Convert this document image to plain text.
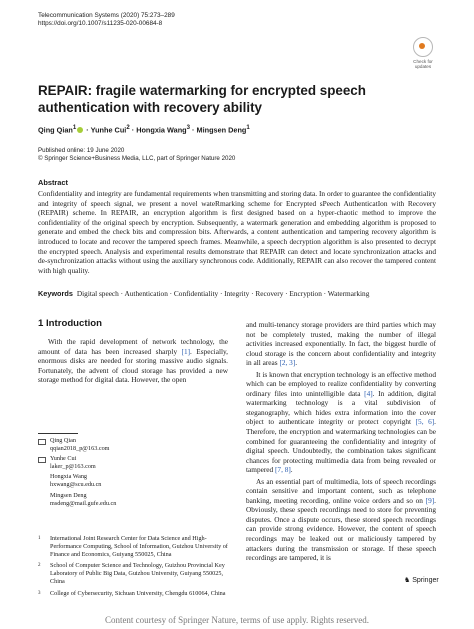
Telecommunication Systems (2020) 75:273–289
https://doi.org/10.1007/s11235-020-00684-8
Check for
updates
REPAIR: fragile watermarking for encrypted speech authentication with recovery ability
Qing Qian$^1$ · Yunhe Cui$^2$ · Hongxia Wang$^3$ · Mingsen Deng$^1$
Published online: 19 June 2020
© Springer Science+Business Media, LLC, part of Springer Nature 2020
Abstract

Confidentiality and integrity are fundamental requirements when transmitting and storing data. In order to guarantee the confidentiality and integrity of speech signal, we present a novel wateRmarking scheme for Encrypted sPeech AuthenticatIon with Recovery (REPAIR) scheme. In REPAIR, an encryption algorithm is first designed based on a hyper-chaotic method to improve the confidentiality of the original speech by encryption. Subsequently, a watermark generation and embedding algorithm is proposed to generate and embed the check bits and compression bits. Afterwards, a content authentication and tampering recovery algorithm is introduced to locate and recover the tampered speech frames. Meanwhile, a speech decryption algorithm is also presented to decrypt the encrypted speech. Analysis and experimental results demonstrate that REPAIR can detect and locate synchronization attacks and de-synchronization attacks without using the auxiliary synchronous code. Additionally, REPAIR can also recover the tampered content with high quality.

Keywords Digital speech · Authentication · Confidentiality · Integrity · Recovery · Encryption · Watermarking
1 Introduction

With the rapid development of network technology, the amount of data has been increased sharply [1]. Especially, enormous disks are needed for storing massive audio signals. Fortunately, the advent of cloud storage has provided a new storage method for digital data. However, the open

Qing Qian
qqian2018_p@163.com
Yunhe Cui
laker_p@163.com
Hongxia Wang
hxwang@scu.edu.cn
Mingsen Deng
msdeng@mail.gufe.edu.cn
1	International Joint Research Center for Data Science and High-Performance Computing, School of Information, Guizhou University of Finance and Economics, Guiyang 550025, China
2	School of Computer Science and Technology, Guizhou Provincial Key Laboratory of Public Big Data, Guizhou University, Guiyang 550025, China
3	College of Cybersecurity, Sichuan University, Chengdu 610064, China

and multi-tenancy storage providers are third parties which may not be completely trusted, making the number of illegal activities increased exponentially. In fact, the biggest hurdle of cloud storage is the concern about confidentiality and integrity in all areas [2, 3].

It is known that encryption technology is an effective method which can be employed to realize confidentiality by converting ordinary files into unintelligible data [4]. In addition, digital watermarking technology is a vital subdivision of steganography, which hides extra information into the cover object to authenticate integrity or protect copyright [5, 6]. Therefore, the encryption and watermarking technologies can be combined for guaranteeing the confidentiality and integrity of digital speech. Undoubtedly, the combination takes significant chances for protecting multimedia data from being revealed or tampered [7, 8].

As an essential part of multimedia, lots of speech recordings contain sensitive and important content, such as telephone banking, meeting recording, online voice orders and so on [9]. Obviously, these speech recordings need to store for preventing disputes. Once a dispute occurs, these stored speech recordings can provide strong evidence. However, the content of speech recordings may be leaked out or maliciously tampered by attackers during the transmission or storage. If these speech recordings are tampered, it is

♞ Springer
Content courtesy of Springer Nature, terms of use apply. Rights reserved.
